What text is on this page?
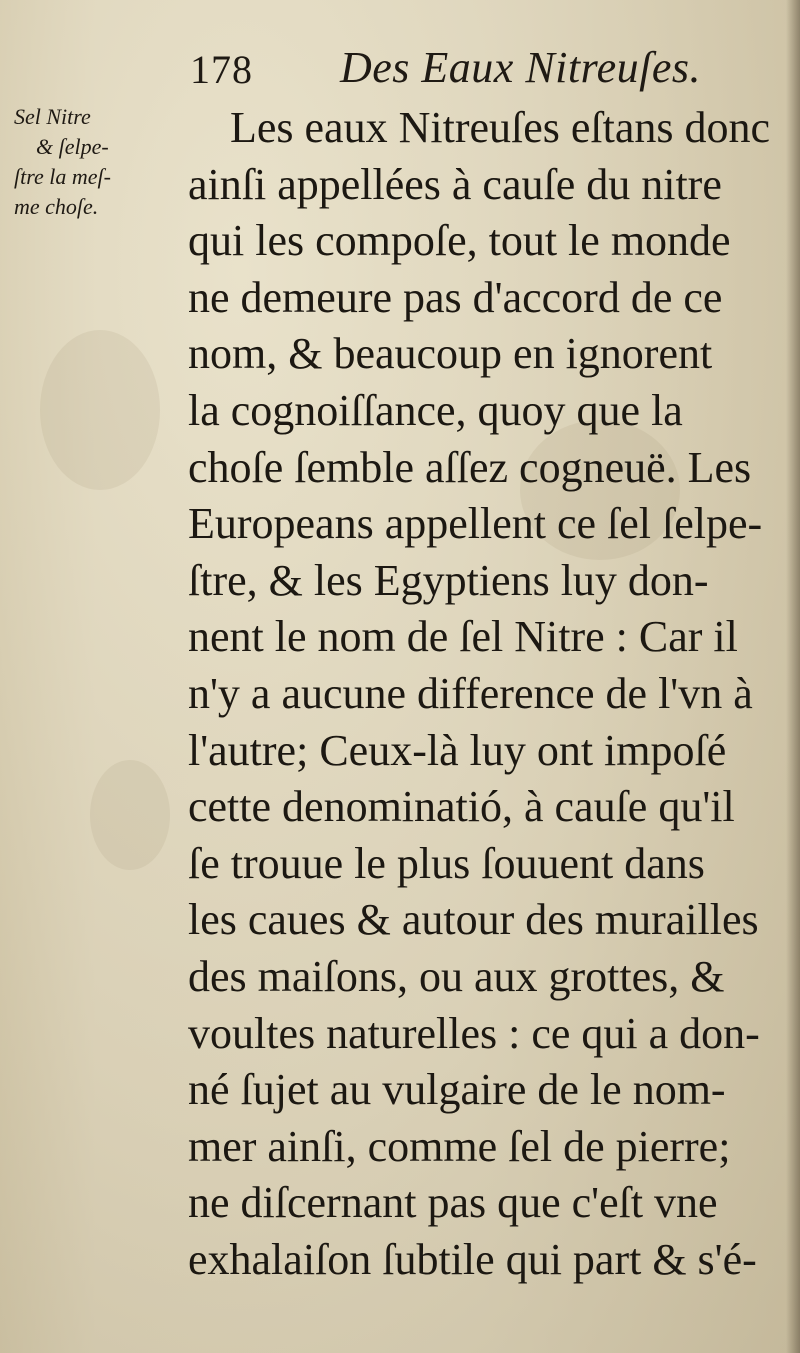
178 Des Eaux Nitreuſes.
Sel Nitre
& ſelpe-
ſtre la meſ-
me choſe.
Les eaux Nitreuſes eſtans donc
ainſi appellées à cauſe du nitre
qui les compoſe, tout le monde
ne demeure pas d'accord de ce
nom, & beaucoup en ignorent
la cognoiſſance, quoy que la
choſe ſemble aſſez cogneuë. Les
Europeans appellent ce ſel ſelpe-
ſtre, & les Egyptiens luy don-
nent le nom de ſel Nitre : Car il
n'y a aucune difference de l'vn à
l'autre; Ceux-là luy ont impoſé
cette denominatió, à cauſe qu'il
ſe trouue le plus ſouuent dans
les caues & autour des murailles
des maiſons, ou aux grottes, &
voultes naturelles : ce qui a don-
né ſujet au vulgaire de le nom-
mer ainſi, comme ſel de pierre;
ne diſcernant pas que c'eſt vne
exhalaiſon ſubtile qui part & s'é-
